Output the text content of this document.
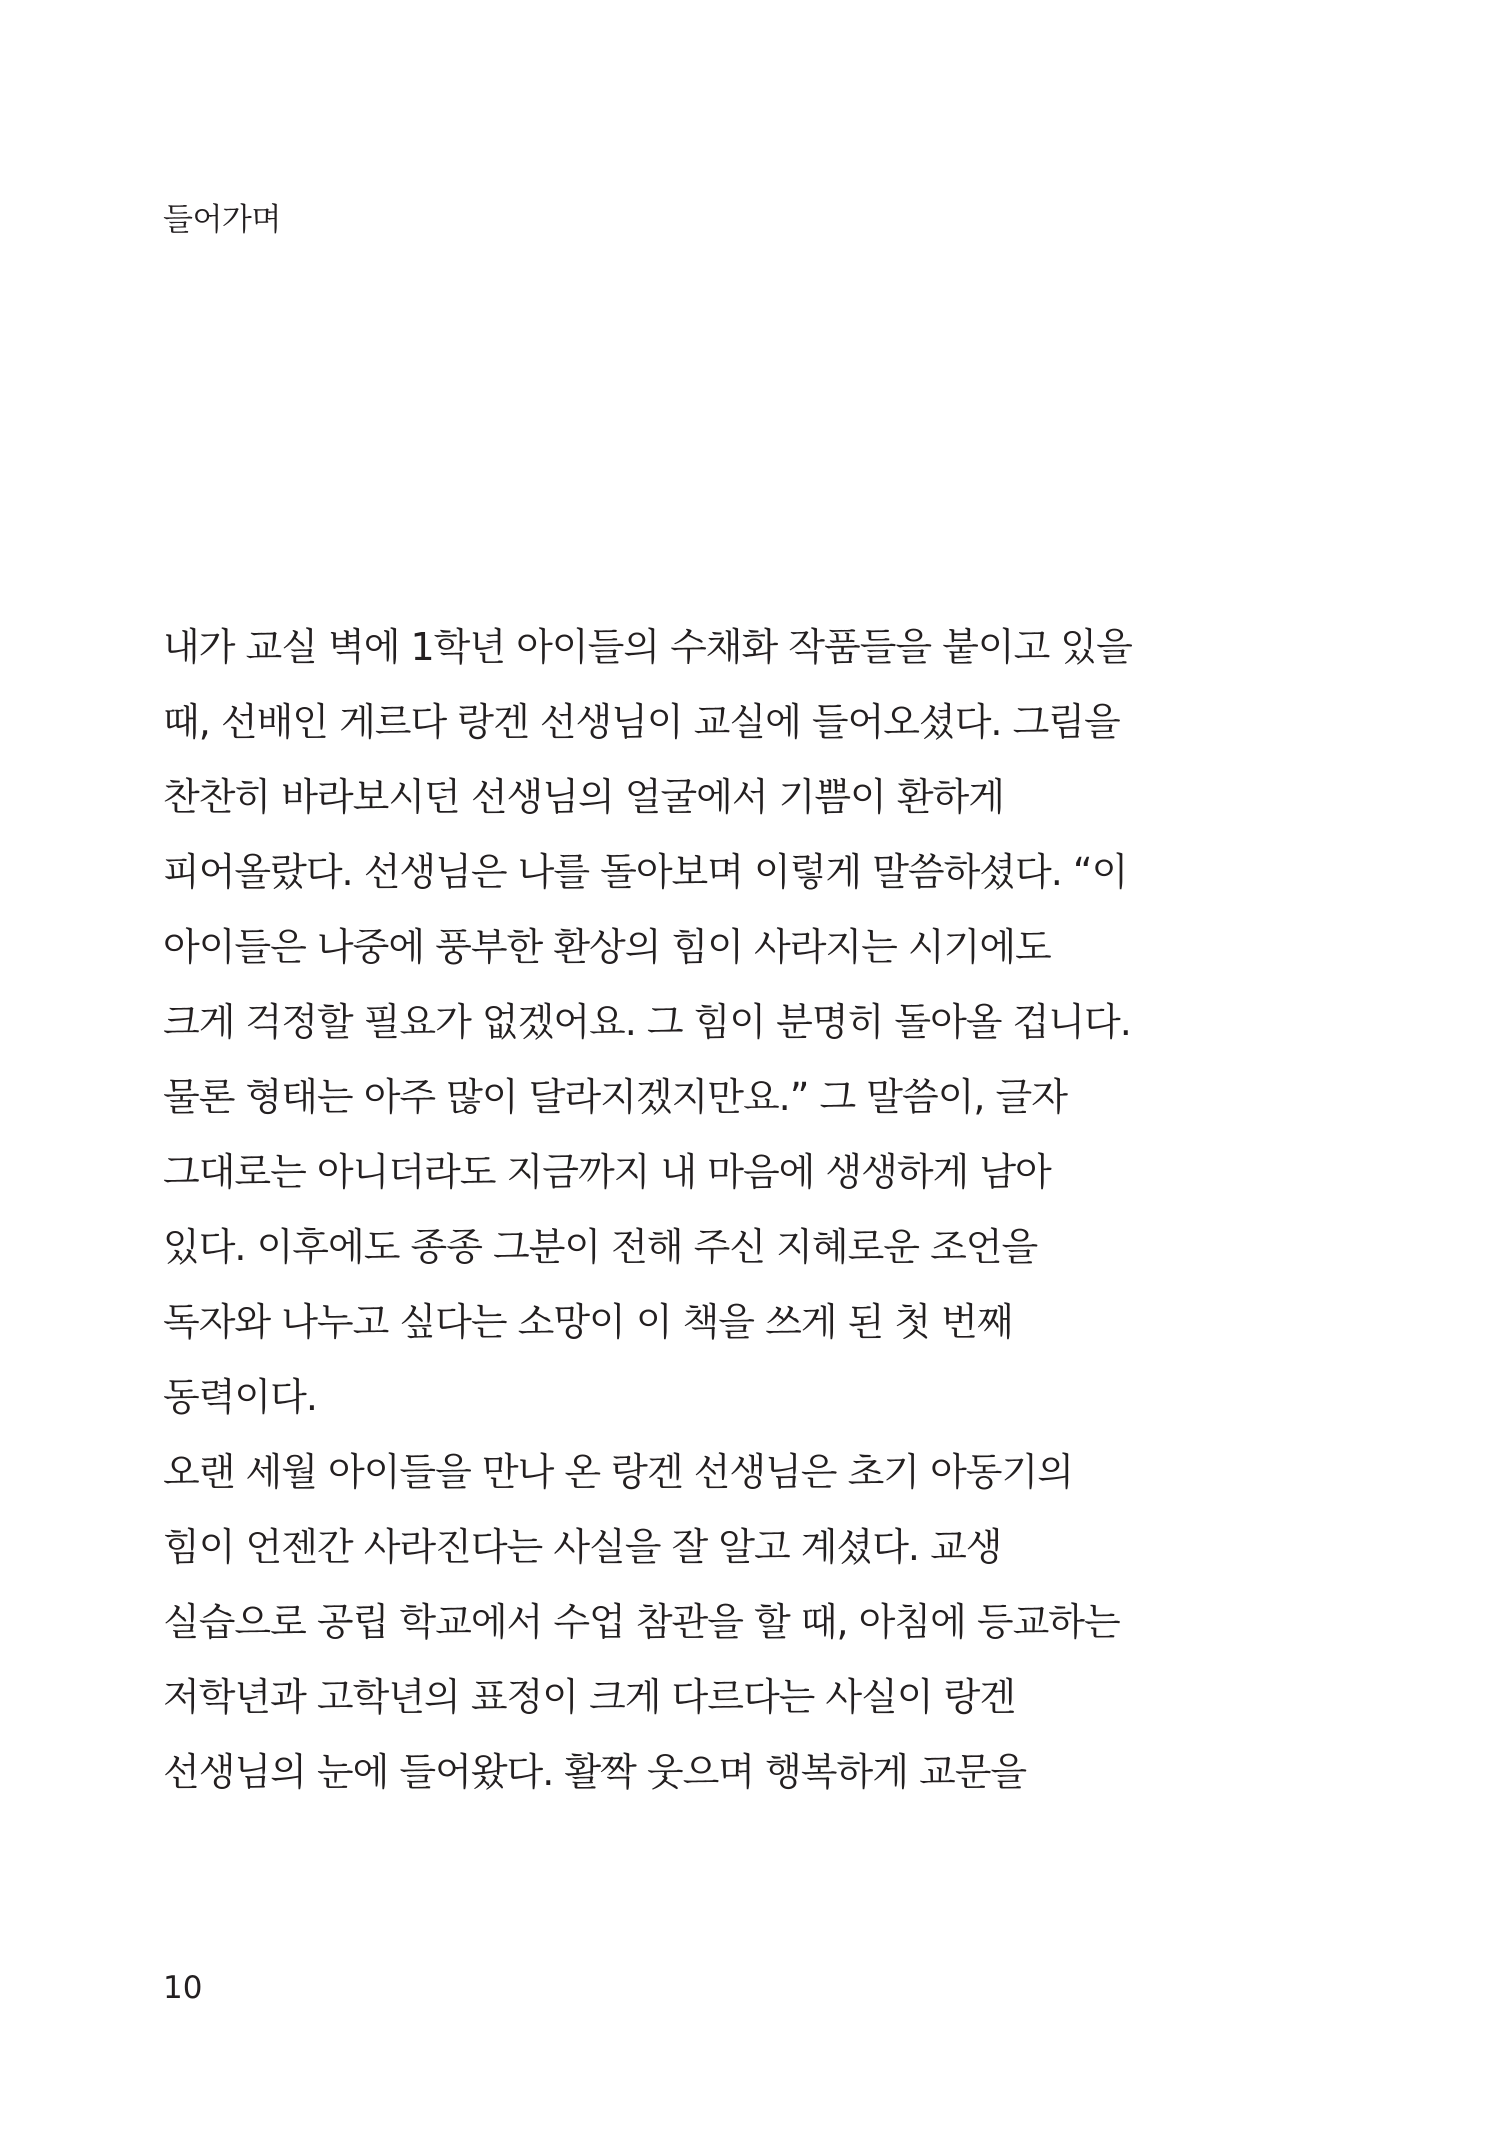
들어가며
내가 교실 벽에 1학년 아이들의 수채화 작품들을 붙이고 있을
때, 선배인 게르다 랑겐 선생님이 교실에 들어오셨다. 그림을
찬찬히 바라보시던 선생님의 얼굴에서 기쁨이 환하게
피어올랐다. 선생님은 나를 돌아보며 이렇게 말씀하셨다. “이
아이들은 나중에 풍부한 환상의 힘이 사라지는 시기에도
크게 걱정할 필요가 없겠어요. 그 힘이 분명히 돌아올 겁니다.
물론 형태는 아주 많이 달라지겠지만요.” 그 말씀이, 글자
그대로는 아니더라도 지금까지 내 마음에 생생하게 남아
있다. 이후에도 종종 그분이 전해 주신 지혜로운 조언을
독자와 나누고 싶다는 소망이 이 책을 쓰게 된 첫 번째
동력이다.
오랜 세월 아이들을 만나 온 랑겐 선생님은 초기 아동기의
힘이 언젠간 사라진다는 사실을 잘 알고 계셨다. 교생
실습으로 공립 학교에서 수업 참관을 할 때, 아침에 등교하는
저학년과 고학년의 표정이 크게 다르다는 사실이 랑겐
선생님의 눈에 들어왔다. 활짝 웃으며 행복하게 교문을
10
